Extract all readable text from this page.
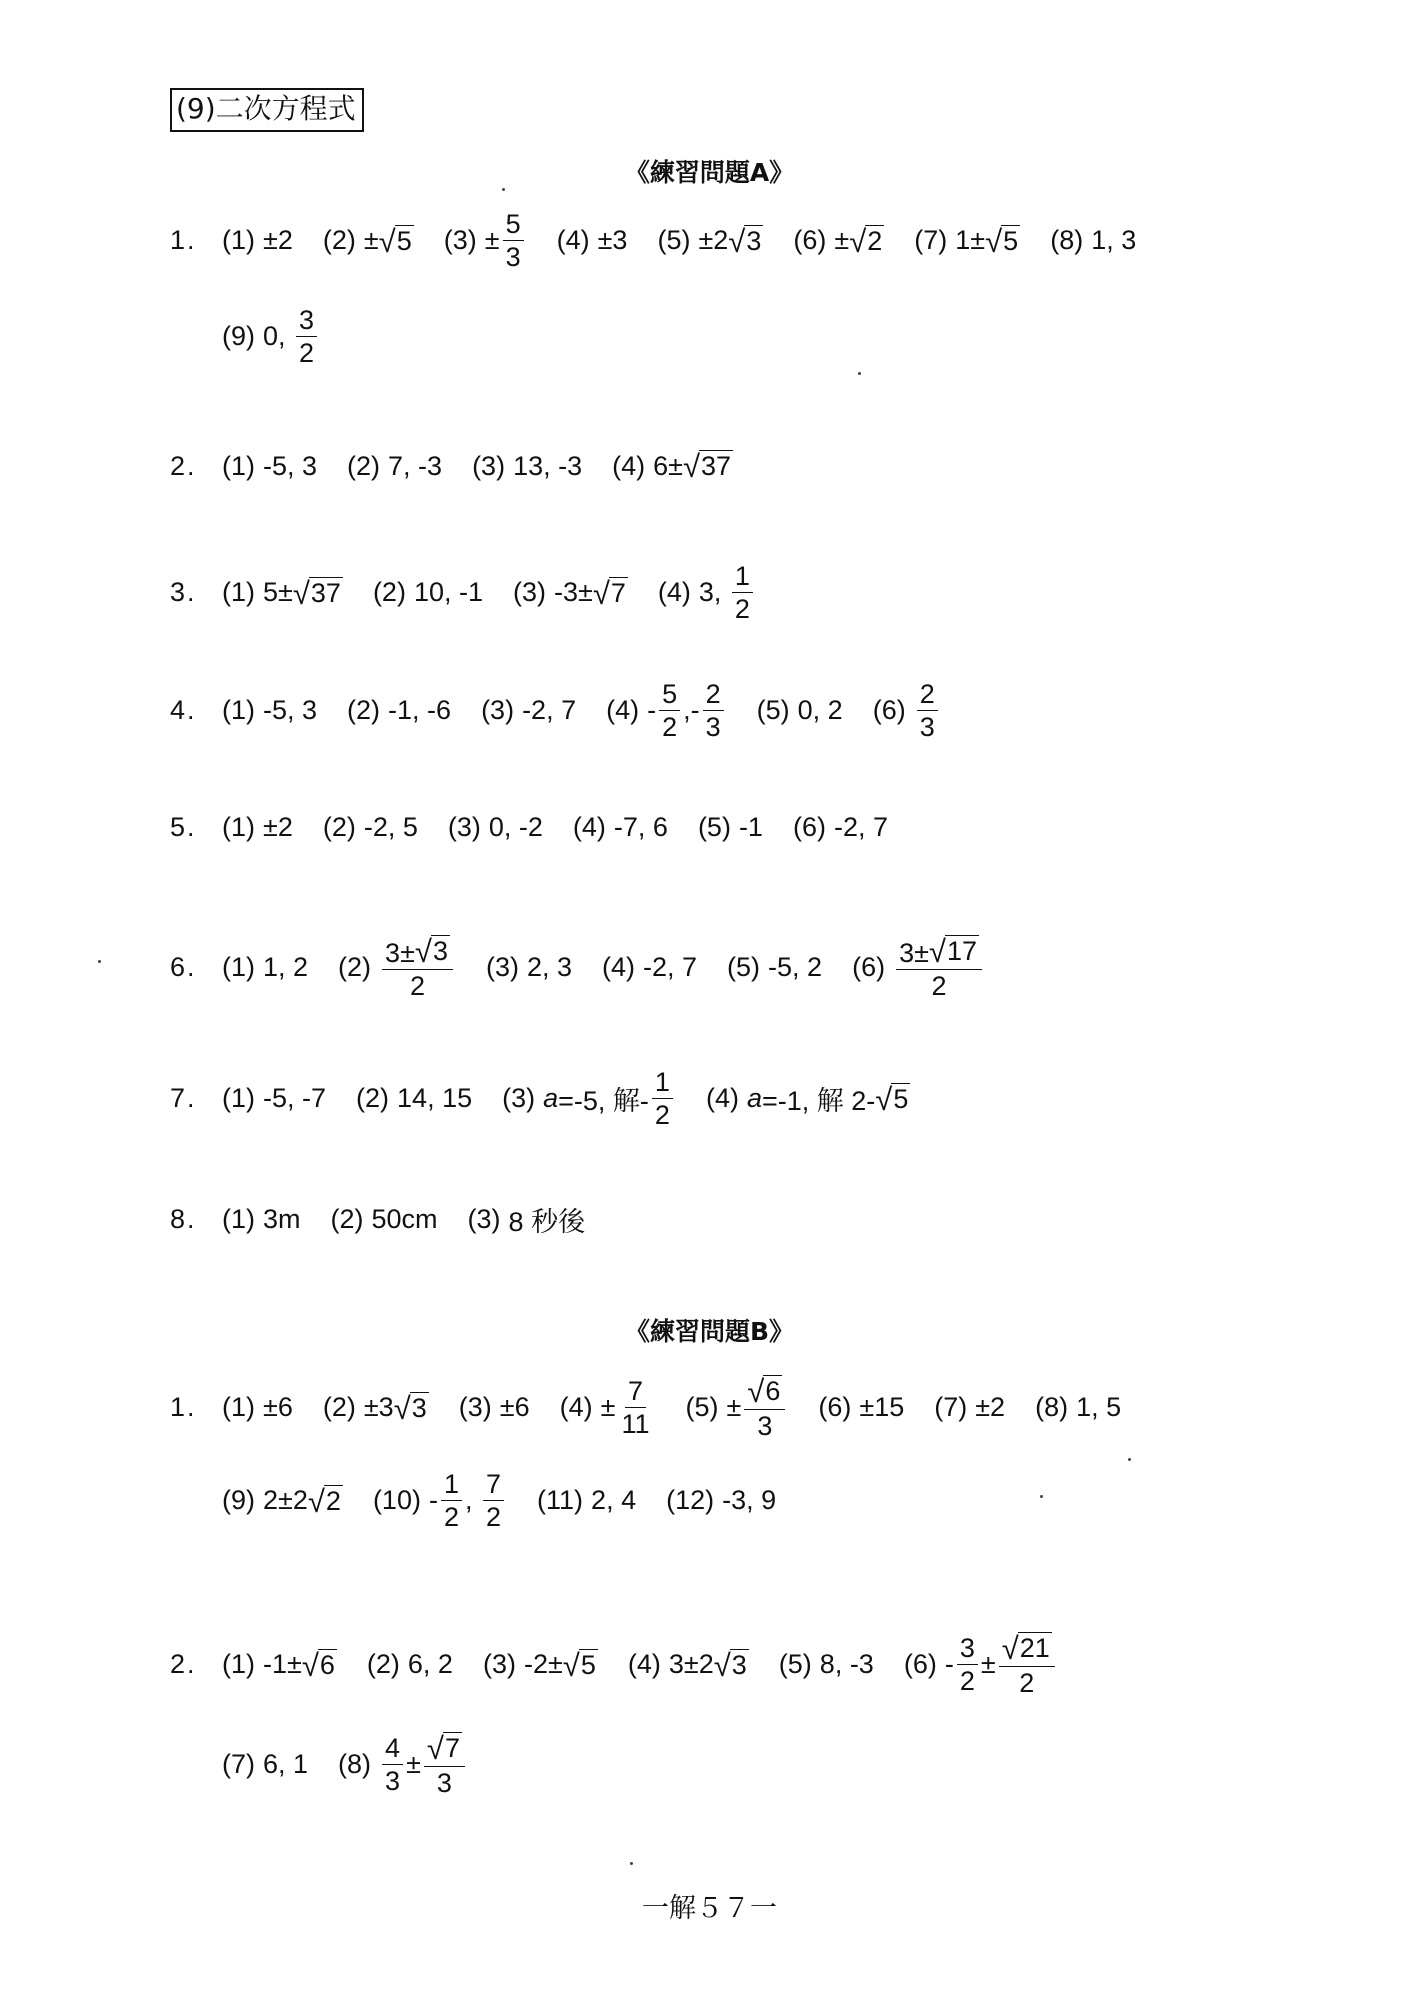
(9)二次方程式
《練習問題A》
1. (1) ±2 (2) ± √ 5 $(3) \pm \frac{5}{3} (4) \pm 3$ (5) ±2 √ 3 (6) ± √ 2 (7) 1± √ 5 (8) 1, 3
(9) 0, $\frac{3}{2}$
2. (1) -5, 3 (2) 7, -3 (3) 13, -3 (4) 6± √ 37
3. (1) 5± √ 37 (2) 10, -1 (3) -3± √ 7 (4) 3, $\frac{1}{2}$
4. (1) -5, 3 (2) -1, -6 (3) -2, 7 $(4) - \frac{5}{2}$ ,- $\frac{2}{3} (5)$ 0, 2 $(6) \frac{2}{3}$
5. (1) ±2 (2) -2, 5 (3) 0, -2 (4) -7, 6 (5) -1 (6) -2, 7
6. (1) 1, 2 $(2) \frac{3\pm √ 3}{2} (3)$ 2, 3 (4) -2, 7 (5) -5, 2 $(6) \frac{3\pm √ 17}{2}$
7. (1) -5, -7 (2) 14, 15 (3) a =-5, 解- $\frac{1}{2} (4)$ a =-1, 解 2- √ 5
8. (1) 3m (2) 50cm (3) 8 秒後
《練習問題B》
1. (1) ±6 (2) ±3 √ 3 (3) ±6 $(4) \pm \frac{7}{11} (5) \pm \frac{√ 6}{3} (6) \pm 15$ (7) ±2 (8) 1, 5
(9) 2±2 √ 2 $(10) - \frac{1}{2}$ , $\frac{7}{2} (11)$ 2, 4 (12) -3, 9
2. (1) -1± √ 6 (2) 6, 2 (3) -2± √ 5 (4) 3±2 √ 3 (5) 8, -3 $(6) - \frac{3}{2} \pm \frac{√ 21}{2}$
(7) 6, 1 $(8) \frac{4}{3} \pm \frac{√ 7}{3}$
一解５７一
